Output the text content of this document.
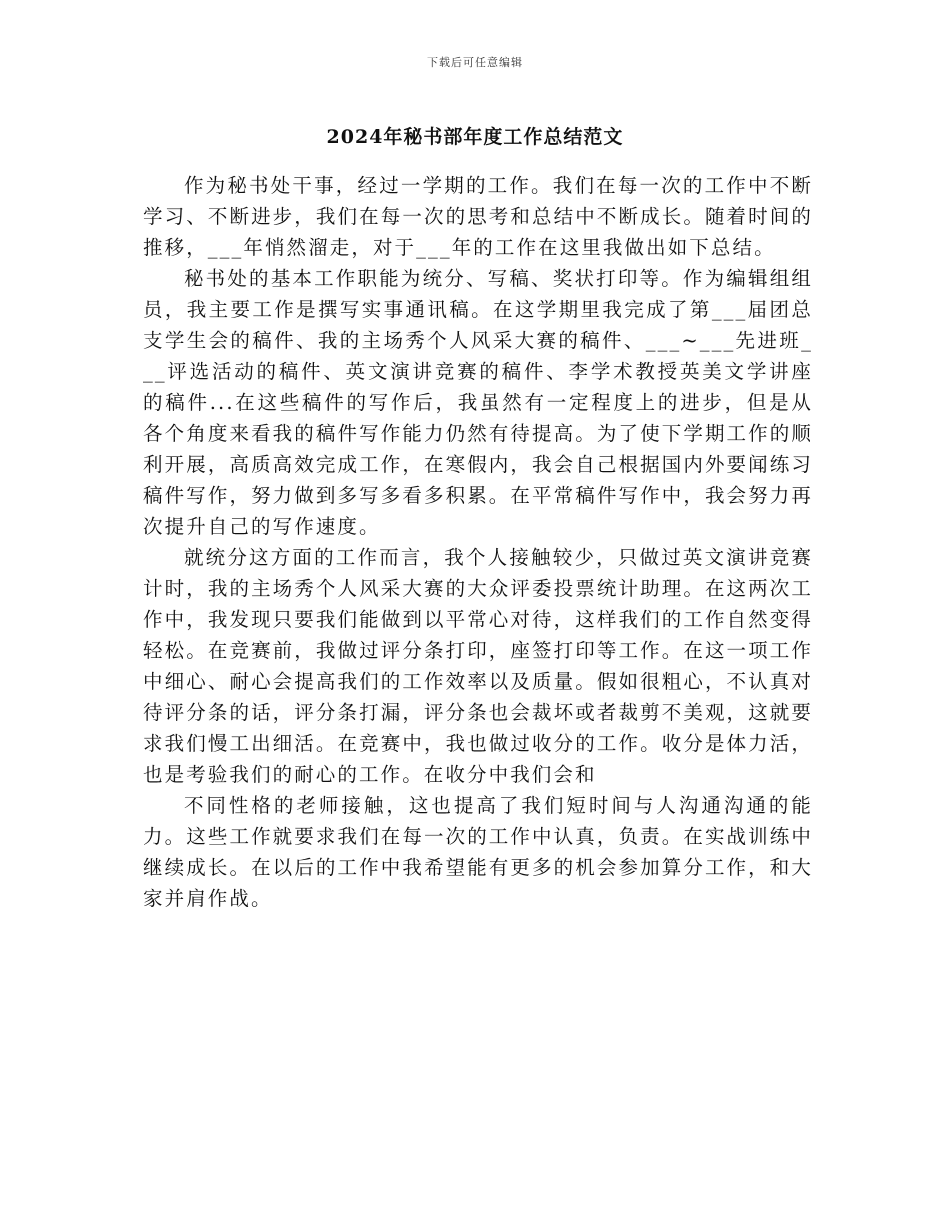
下载后可任意编辑
2024年秘书部年度工作总结范文

作为秘书处干事，经过一学期的工作。我们在每一次的工作中不断学习、不断进步，我们在每一次的思考和总结中不断成长。随着时间的推移，___年悄然溜走，对于___年的工作在这里我做出如下总结。

秘书处的基本工作职能为统分、写稿、奖状打印等。作为编辑组组员，我主要工作是撰写实事通讯稿。在这学期里我完成了第___届团总支学生会的稿件、我的主场秀个人风采大赛的稿件、___~___先进班___评选活动的稿件、英文演讲竞赛的稿件、李学术教授英美文学讲座的稿件...在这些稿件的写作后，我虽然有一定程度上的进步，但是从各个角度来看我的稿件写作能力仍然有待提高。为了使下学期工作的顺利开展，高质高效完成工作，在寒假内，我会自己根据国内外要闻练习稿件写作，努力做到多写多看多积累。在平常稿件写作中，我会努力再次提升自己的写作速度。

就统分这方面的工作而言，我个人接触较少，只做过英文演讲竞赛计时，我的主场秀个人风采大赛的大众评委投票统计助理。在这两次工作中，我发现只要我们能做到以平常心对待，这样我们的工作自然变得轻松。在竞赛前，我做过评分条打印，座签打印等工作。在这一项工作中细心、耐心会提高我们的工作效率以及质量。假如很粗心，不认真对待评分条的话，评分条打漏，评分条也会裁坏或者裁剪不美观，这就要求我们慢工出细活。在竞赛中，我也做过收分的工作。收分是体力活，也是考验我们的耐心的工作。在收分中我们会和

不同性格的老师接触，这也提高了我们短时间与人沟通沟通的能力。这些工作就要求我们在每一次的工作中认真，负责。在实战训练中继续成长。在以后的工作中我希望能有更多的机会参加算分工作，和大家并肩作战。
